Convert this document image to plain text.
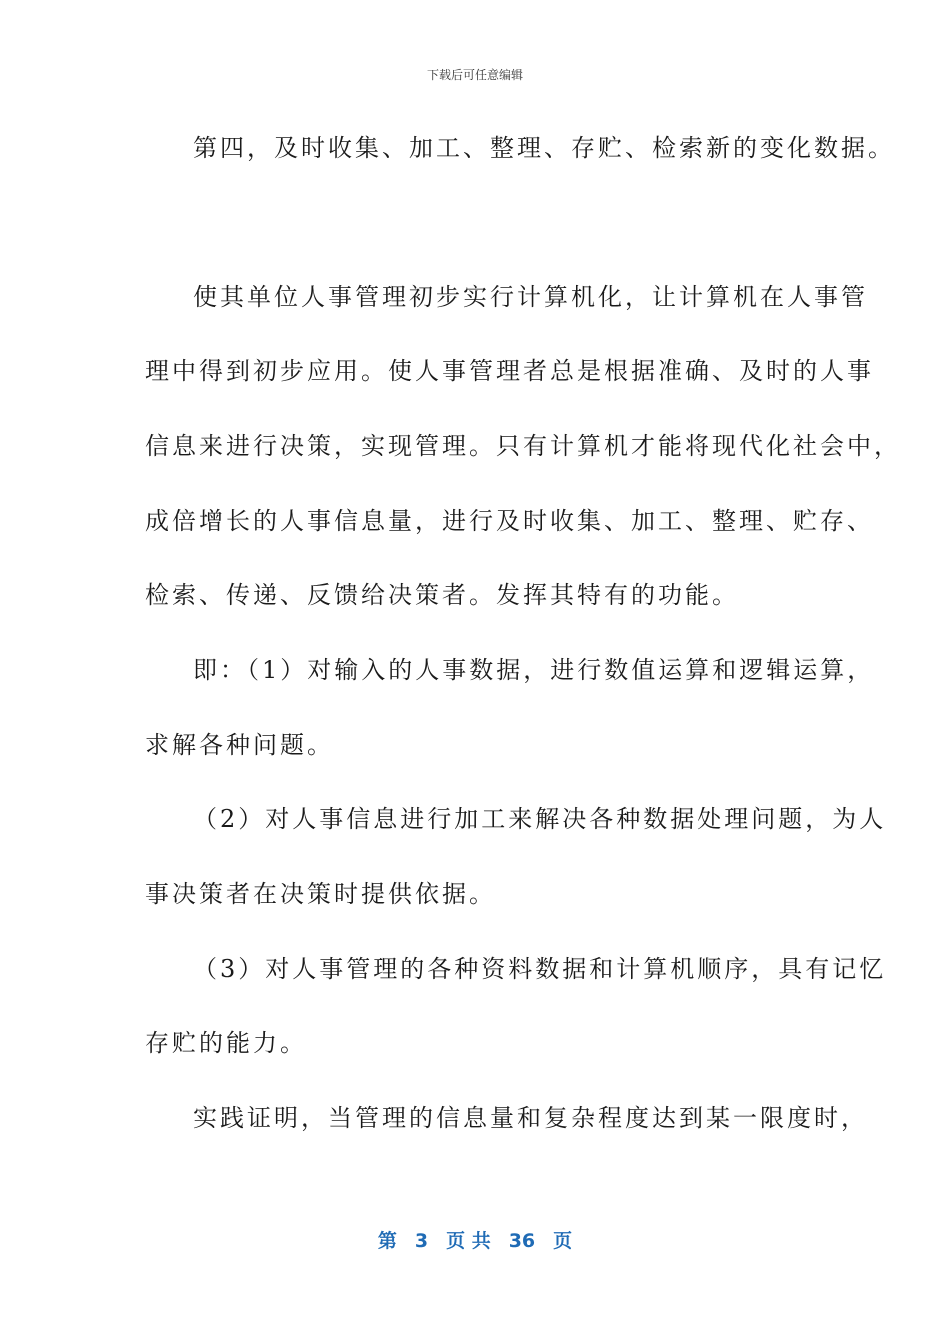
下载后可任意编辑
第四，及时收集、加工、整理、存贮、检索新的变化数据。
使其单位人事管理初步实行计算机化，让计算机在人事管
理中得到初步应用。使人事管理者总是根据准确、及时的人事
信息来进行决策，实现管理。只有计算机才能将现代化社会中，
成倍增长的人事信息量，进行及时收集、加工、整理、贮存、
检索、传递、反馈给决策者。发挥其特有的功能。
即：（1）对输入的人事数据，进行数值运算和逻辑运算，
求解各种问题。
（2）对人事信息进行加工来解决各种数据处理问题，为人
事决策者在决策时提供依据。
（3）对人事管理的各种资料数据和计算机顺序，具有记忆
存贮的能力。
实践证明，当管理的信息量和复杂程度达到某一限度时，
第 3 页 共 36 页
